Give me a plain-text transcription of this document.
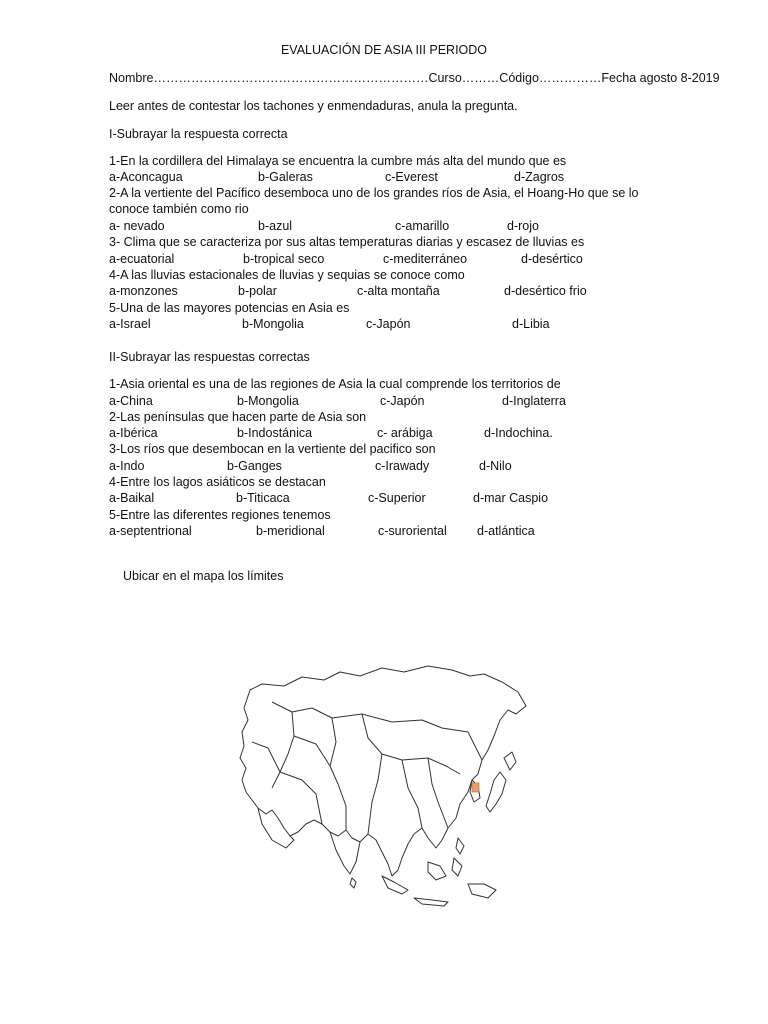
EVALUACIÓN DE ASIA III PERIODO
Nombre…………………………………………………………Curso………Código……………Fecha agosto 8-2019
Leer antes de contestar los tachones y enmendaduras, anula la pregunta.
I-Subrayar la respuesta correcta
1-En la cordillera del Himalaya se encuentra la cumbre más alta del mundo que es
a-Aconcagua	b-Galeras	c-Everest	d-Zagros
2-A la vertiente del Pacífico desemboca uno de los grandes ríos de Asia, el Hoang-Ho que se lo
conoce también como rio
a- nevado	b-azul	c-amarillo	d-rojo
3- Clima que se caracteriza por sus altas temperaturas diarias y escasez de lluvias es
a-ecuatorial	b-tropical seco	c-mediterráneo	d-desértico
4-A las lluvias estacionales de lluvias y sequias se conoce como
a-monzones	b-polar	c-alta montaña	d-desértico frio
5-Una de las mayores potencias en Asia es
a-Israel	b-Mongolia	c-Japón	d-Libia
II-Subrayar las respuestas correctas
1-Asia oriental es una de las regiones de Asia la cual comprende los territorios de
a-China	b-Mongolia	c-Japón	d-Inglaterra
2-Las penínsulas que hacen parte de Asia son
a-Ibérica	b-Indostánica	c- arábiga	d-Indochina.
3-Los ríos que desembocan en la vertiente del pacifico son
a-Indo	b-Ganges	c-Irawady	d-Nilo
4-Entre los lagos asiáticos se destacan
a-Baikal	b-Titicaca	c-Superior	d-mar Caspio
5-Entre las diferentes regiones tenemos
a-septentrional	b-meridional	c-suroriental d-atlántica
Ubicar en el mapa los límites
